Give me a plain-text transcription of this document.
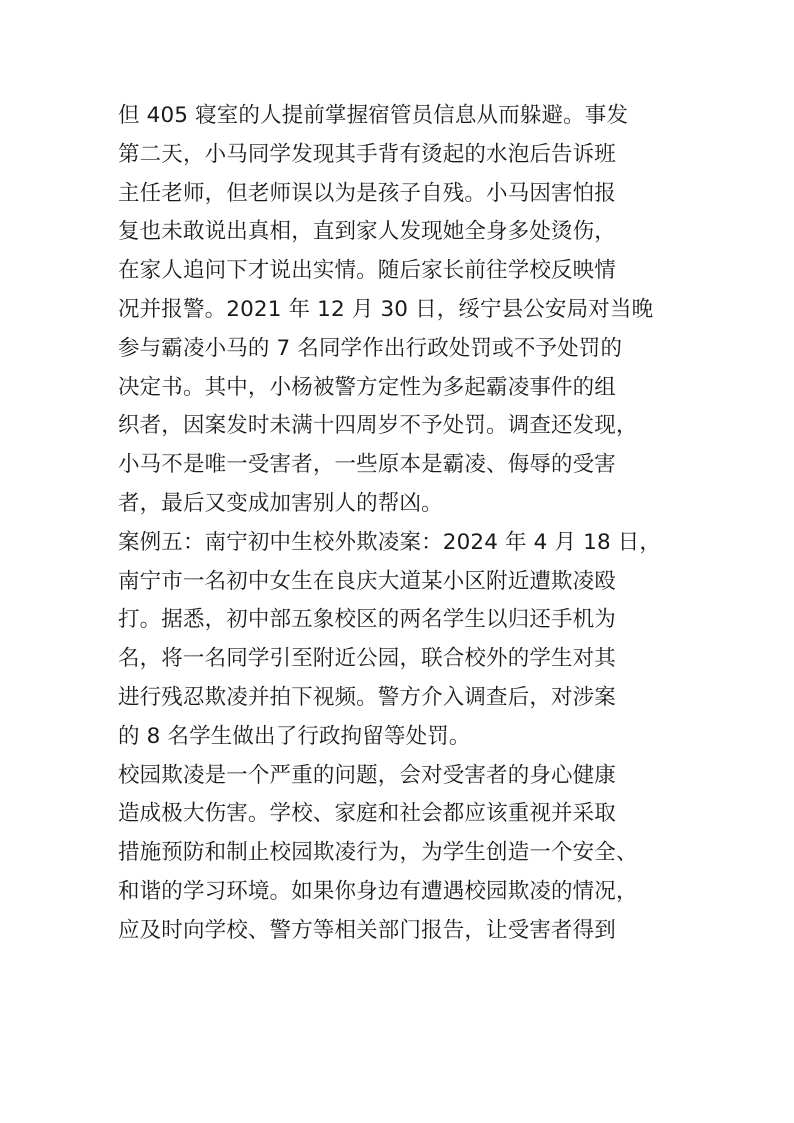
但 405 寝室的人提前掌握宿管员信息从而躲避。事发
第二天，小马同学发现其手背有烫起的水泡后告诉班
主任老师，但老师误以为是孩子自残。小马因害怕报
复也未敢说出真相，直到家人发现她全身多处烫伤，
在家人追问下才说出实情。随后家长前往学校反映情
况并报警。2021 年 12 月 30 日，绥宁县公安局对当晚
参与霸凌小马的 7 名同学作出行政处罚或不予处罚的
决定书。其中，小杨被警方定性为多起霸凌事件的组
织者，因案发时未满十四周岁不予处罚。调查还发现，
小马不是唯一受害者，一些原本是霸凌、侮辱的受害
者，最后又变成加害别人的帮凶。
案例五：南宁初中生校外欺凌案：2024 年 4 月 18 日，
南宁市一名初中女生在良庆大道某小区附近遭欺凌殴
打。据悉，初中部五象校区的两名学生以归还手机为
名，将一名同学引至附近公园，联合校外的学生对其
进行残忍欺凌并拍下视频。警方介入调查后，对涉案
的 8 名学生做出了行政拘留等处罚。
校园欺凌是一个严重的问题，会对受害者的身心健康
造成极大伤害。学校、家庭和社会都应该重视并采取
措施预防和制止校园欺凌行为，为学生创造一个安全、
和谐的学习环境。如果你身边有遭遇校园欺凌的情况，
应及时向学校、警方等相关部门报告，让受害者得到
